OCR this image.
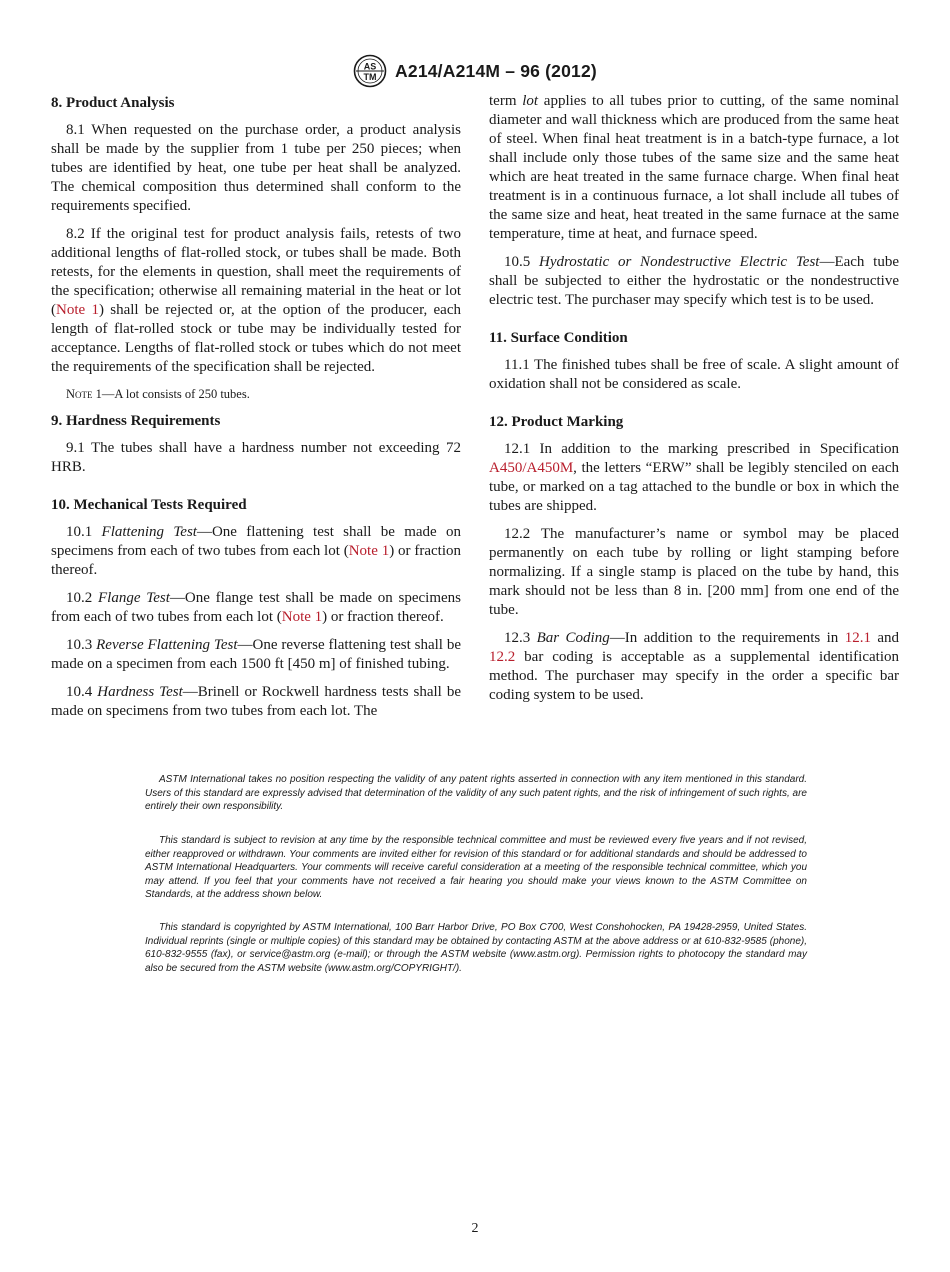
AS
TM A214/A214M – 96 (2012)
8. Product Analysis

8.1 When requested on the purchase order, a product analysis shall be made by the supplier from 1 tube per 250 pieces; when tubes are identified by heat, one tube per heat shall be analyzed. The chemical composition thus determined shall conform to the requirements specified.

8.2 If the original test for product analysis fails, retests of two additional lengths of flat-rolled stock, or tubes shall be made. Both retests, for the elements in question, shall meet the requirements of the specification; otherwise all remaining material in the heat or lot (Note 1) shall be rejected or, at the option of the producer, each length of flat-rolled stock or tube may be individually tested for acceptance. Lengths of flat-rolled stock or tubes which do not meet the requirements of the specification shall be rejected.

Note 1—A lot consists of 250 tubes.
9. Hardness Requirements

9.1 The tubes shall have a hardness number not exceeding 72 HRB.

10. Mechanical Tests Required

10.1 Flattening Test—One flattening test shall be made on specimens from each of two tubes from each lot (Note 1) or fraction thereof.

10.2 Flange Test—One flange test shall be made on specimens from each of two tubes from each lot (Note 1) or fraction thereof.

10.3 Reverse Flattening Test—One reverse flattening test shall be made on a specimen from each 1500 ft [450 m] of finished tubing.

10.4 Hardness Test—Brinell or Rockwell hardness tests shall be made on specimens from two tubes from each lot. The

term lot applies to all tubes prior to cutting, of the same nominal diameter and wall thickness which are produced from the same heat of steel. When final heat treatment is in a batch-type furnace, a lot shall include only those tubes of the same size and the same heat which are heat treated in the same furnace charge. When final heat treatment is in a continuous furnace, a lot shall include all tubes of the same size and heat, heat treated in the same furnace at the same temperature, time at heat, and furnace speed.

10.5 Hydrostatic or Nondestructive Electric Test—Each tube shall be subjected to either the hydrostatic or the nondestructive electric test. The purchaser may specify which test is to be used.

11. Surface Condition

11.1 The finished tubes shall be free of scale. A slight amount of oxidation shall not be considered as scale.

12. Product Marking

12.1 In addition to the marking prescribed in Specification A450/A450M, the letters “ERW” shall be legibly stenciled on each tube, or marked on a tag attached to the bundle or box in which the tubes are shipped.

12.2 The manufacturer’s name or symbol may be placed permanently on each tube by rolling or light stamping before normalizing. If a single stamp is placed on the tube by hand, this mark should not be less than 8 in. [200 mm] from one end of the tube.

12.3 Bar Coding—In addition to the requirements in 12.1 and 12.2 bar coding is acceptable as a supplemental identification method. The purchaser may specify in the order a specific bar coding system to be used.

ASTM International takes no position respecting the validity of any patent rights asserted in connection with any item mentioned in this standard. Users of this standard are expressly advised that determination of the validity of any such patent rights, and the risk of infringement of such rights, are entirely their own responsibility.
This standard is subject to revision at any time by the responsible technical committee and must be reviewed every five years and if not revised, either reapproved or withdrawn. Your comments are invited either for revision of this standard or for additional standards and should be addressed to ASTM International Headquarters. Your comments will receive careful consideration at a meeting of the responsible technical committee, which you may attend. If you feel that your comments have not received a fair hearing you should make your views known to the ASTM Committee on Standards, at the address shown below.
This standard is copyrighted by ASTM International, 100 Barr Harbor Drive, PO Box C700, West Conshohocken, PA 19428-2959, United States. Individual reprints (single or multiple copies) of this standard may be obtained by contacting ASTM at the above address or at 610-832-9585 (phone), 610-832-9555 (fax), or service@astm.org (e-mail); or through the ASTM website (www.astm.org). Permission rights to photocopy the standard may also be secured from the ASTM website (www.astm.org/COPYRIGHT/).
2
